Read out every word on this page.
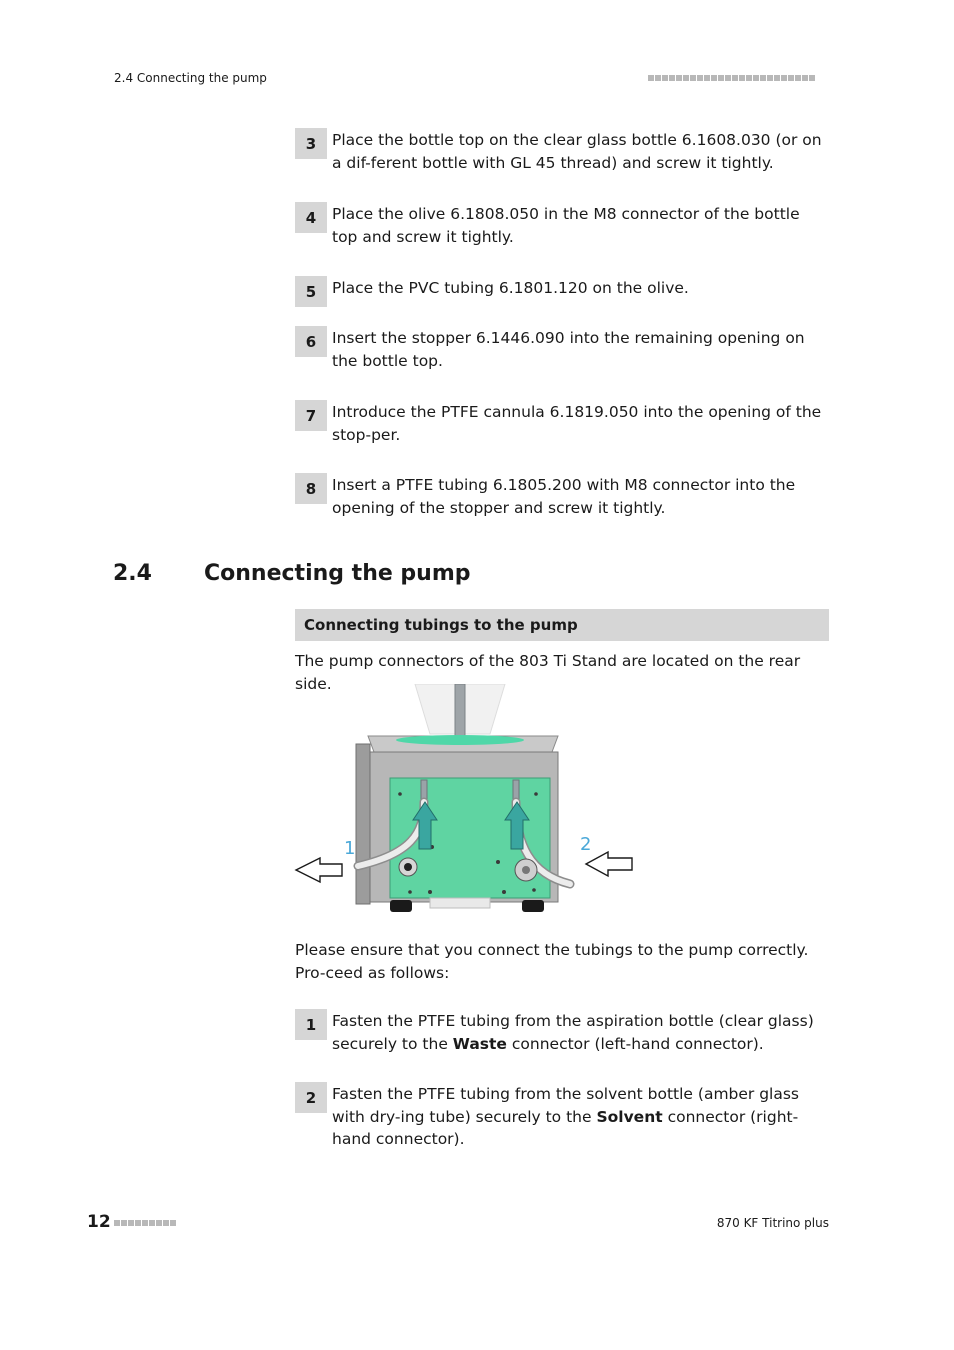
2.4 Connecting the pump
3	Place the bottle top on the clear glass bottle 6.1608.030 (or on a dif-ferent bottle with GL 45 thread) and screw it tightly.
4	Place the olive 6.1808.050 in the M8 connector of the bottle top and screw it tightly.
5	Place the PVC tubing 6.1801.120 on the olive.
6	Insert the stopper 6.1446.090 into the remaining opening on the bottle top.
7	Introduce the PTFE cannula 6.1819.050 into the opening of the stop-per.
8	Insert a PTFE tubing 6.1805.200 with M8 connector into the opening of the stopper and screw it tightly.
2.4 Connecting the pump
Connecting tubings to the pump
The pump connectors of the 803 Ti Stand are located on the rear side.
1	2
Please ensure that you connect the tubings to the pump correctly. Pro-ceed as follows:
1	Fasten the PTFE tubing from the aspiration bottle (clear glass) securely to the Waste connector (left-hand connector).
2	Fasten the PTFE tubing from the solvent bottle (amber glass with dry-ing tube) securely to the Solvent connector (right-hand connector).
12	870 KF Titrino plus
